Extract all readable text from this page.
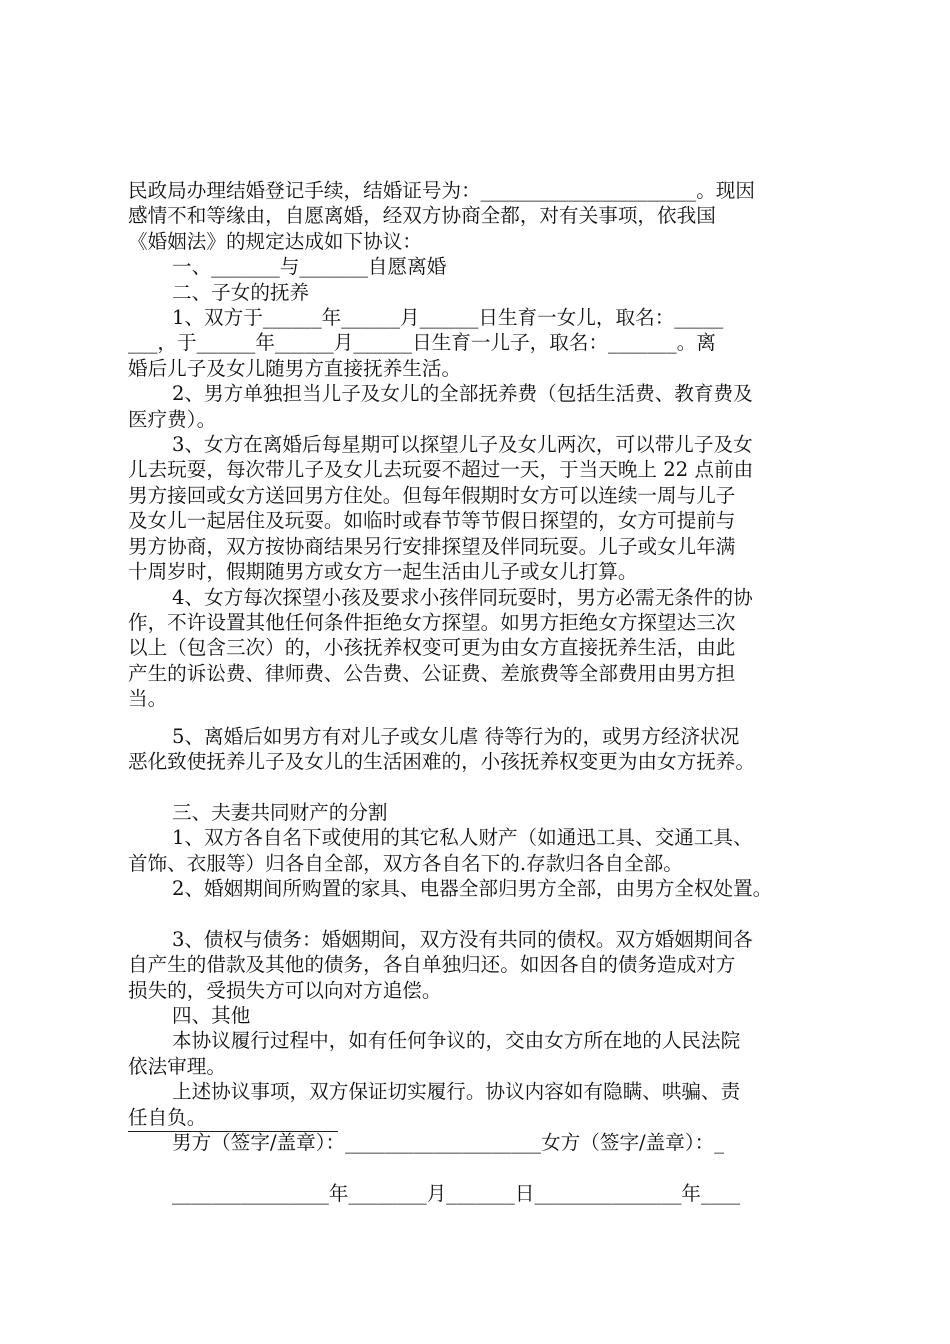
民政局办理结婚登记手续，结婚证号为：______________________。现因

感情不和等缘由，自愿离婚，经双方协商全都，对有关事项，依我国

《婚姻法》的规定达成如下协议：

一、_______与_______自愿离婚

二、子女的抚养

1、双方于______年______月______日生育一女儿，取名：_____

___，于______年______月______日生育一儿子，取名：_______。离

婚后儿子及女儿随男方直接抚养生活。

2、男方单独担当儿子及女儿的全部抚养费（包括生活费、教育费及

医疗费）。

3、女方在离婚后每星期可以探望儿子及女儿两次，可以带儿子及女

儿去玩耍，每次带儿子及女儿去玩耍不超过一天，于当天晚上 22 点前由

男方接回或女方送回男方住处。但每年假期时女方可以连续一周与儿子

及女儿一起居住及玩耍。如临时或春节等节假日探望的，女方可提前与

男方协商，双方按协商结果另行安排探望及伴同玩耍。儿子或女儿年满

十周岁时，假期随男方或女方一起生活由儿子或女儿打算。

4、女方每次探望小孩及要求小孩伴同玩耍时，男方必需无条件的协

作，不许设置其他任何条件拒绝女方探望。如男方拒绝女方探望达三次

以上（包含三次）的，小孩抚养权变可更为由女方直接抚养生活，由此

产生的诉讼费、律师费、公告费、公证费、差旅费等全部费用由男方担

当。

5、离婚后如男方有对儿子或女儿虐 待等行为的，或男方经济状况

恶化致使抚养儿子及女儿的生活困难的，小孩抚养权变更为由女方抚养。

三、夫妻共同财产的分割

1、双方各自名下或使用的其它私人财产（如通迅工具、交通工具、

首饰、衣服等）归各自全部，双方各自名下的.存款归各自全部。

2、婚姻期间所购置的家具、电器全部归男方全部，由男方全权处置。

3、债权与债务：婚姻期间，双方没有共同的债权。双方婚姻期间各

自产生的借款及其他的债务，各自单独归还。如因各自的债务造成对方

损失的，受损失方可以向对方追偿。

四、其他

本协议履行过程中，如有任何争议的，交由女方所在地的人民法院

依法审理。

上述协议事项，双方保证切实履行。协议内容如有隐瞒、哄骗、责

任自负。

男方（签字/盖章）：____________________女方（签字/盖章）：_

________________年________月_______日_______________年____
